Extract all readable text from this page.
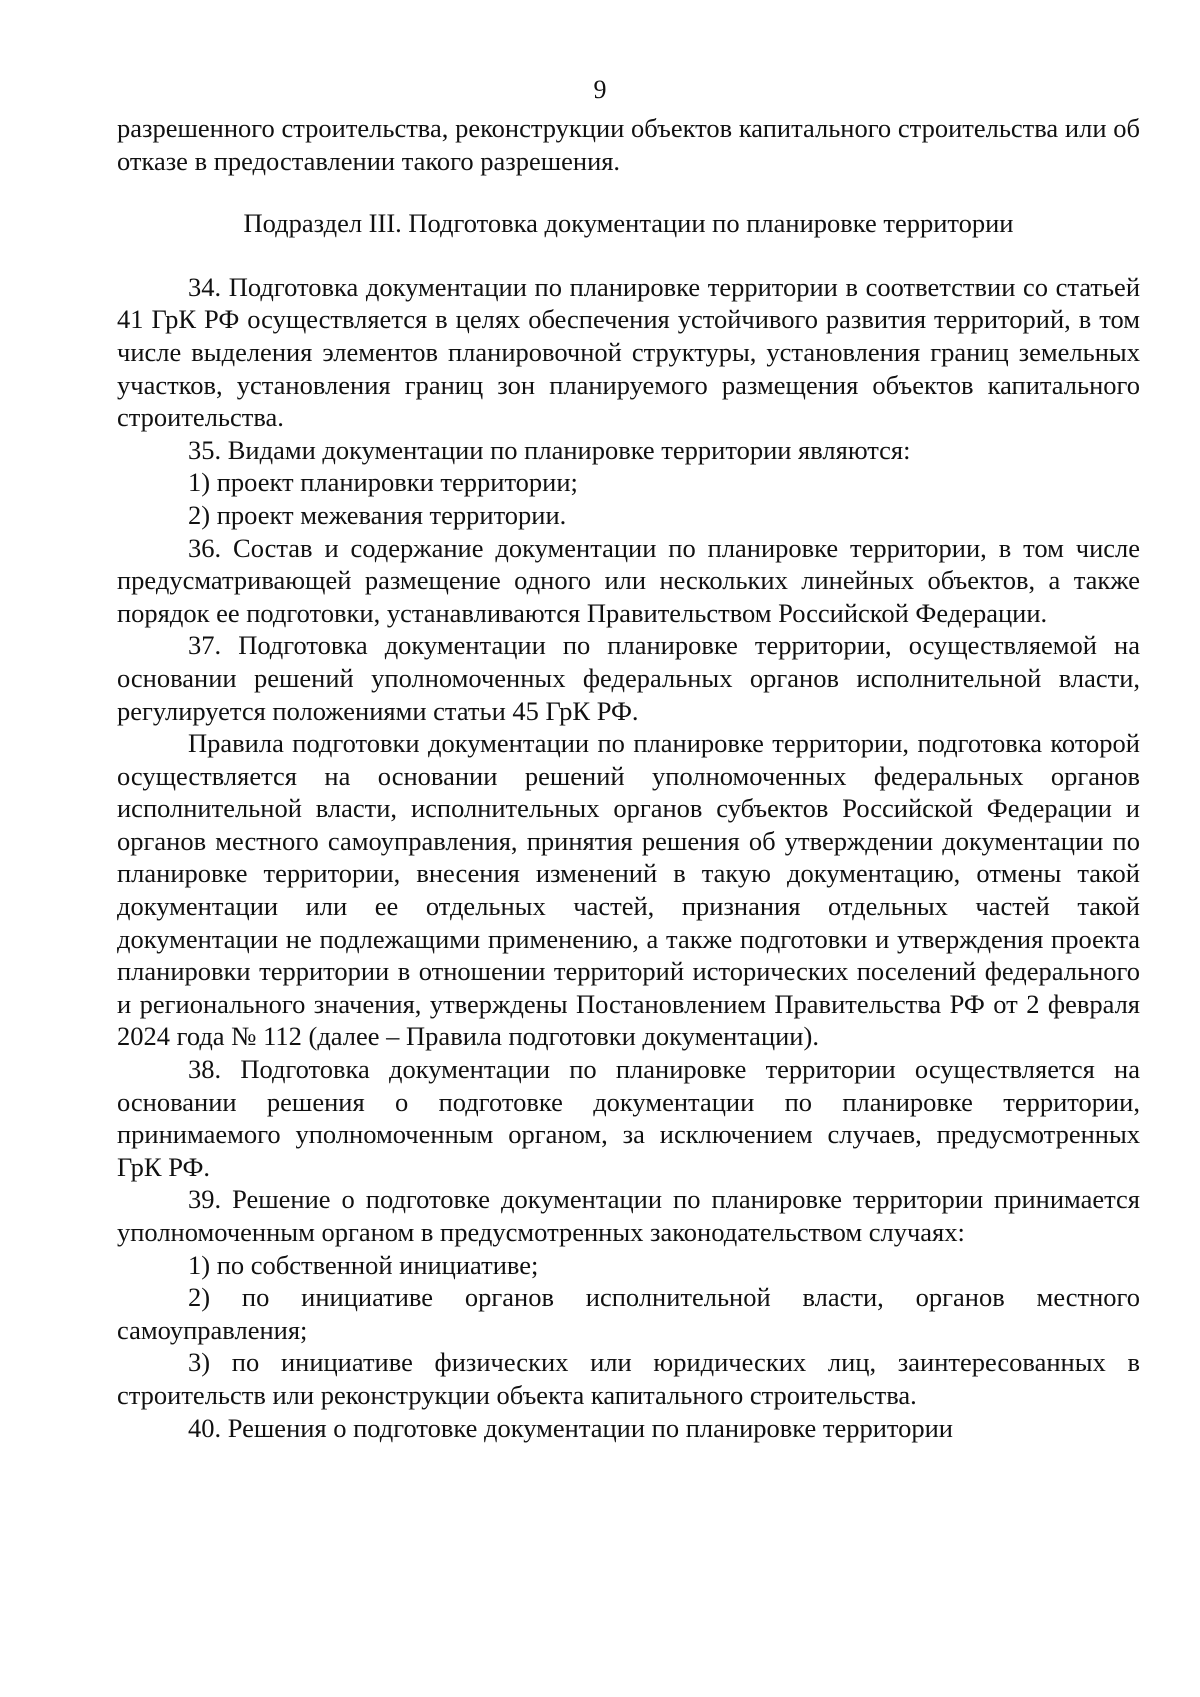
9

разрешенного строительства, реконструкции объектов капитального строительства или об отказе в предоставлении такого разрешения.

Подраздел III. Подготовка документации по планировке территории

34. Подготовка документации по планировке территории в соответствии со статьей 41 ГрК РФ осуществляется в целях обеспечения устойчивого развития территорий, в том числе выделения элементов планировочной структуры, установления границ земельных участков, установления границ зон планируемого размещения объектов капитального строительства.

35. Видами документации по планировке территории являются:

1) проект планировки территории;

2) проект межевания территории.

36. Состав и содержание документации по планировке территории, в том числе предусматривающей размещение одного или нескольких линейных объектов, а также порядок ее подготовки, устанавливаются Правительством Российской Федерации.

37. Подготовка документации по планировке территории, осуществляемой на основании решений уполномоченных федеральных органов исполнительной власти, регулируется положениями статьи 45 ГрК РФ.

Правила подготовки документации по планировке территории, подготовка которой осуществляется на основании решений уполномоченных федеральных органов исполнительной власти, исполнительных органов субъектов Российской Федерации и органов местного самоуправления, принятия решения об утверждении документации по планировке территории, внесения изменений в такую документацию, отмены такой документации или ее отдельных частей, признания отдельных частей такой документации не подлежащими применению, а также подготовки и утверждения проекта планировки территории в отношении территорий исторических поселений федерального и регионального значения, утверждены Постановлением Правительства РФ от 2 февраля 2024 года № 112 (далее – Правила подготовки документации).

38. Подготовка документации по планировке территории осуществляется на основании решения о подготовке документации по планировке территории, принимаемого уполномоченным органом, за исключением случаев, предусмотренных ГрК РФ.

39. Решение о подготовке документации по планировке территории принимается уполномоченным органом в предусмотренных законодательством случаях:

1) по собственной инициативе;

2) по инициативе органов исполнительной власти, органов местного самоуправления;

3) по инициативе физических или юридических лиц, заинтересованных в строительств или реконструкции объекта капитального строительства.

40. Решения о подготовке документации по планировке территории
